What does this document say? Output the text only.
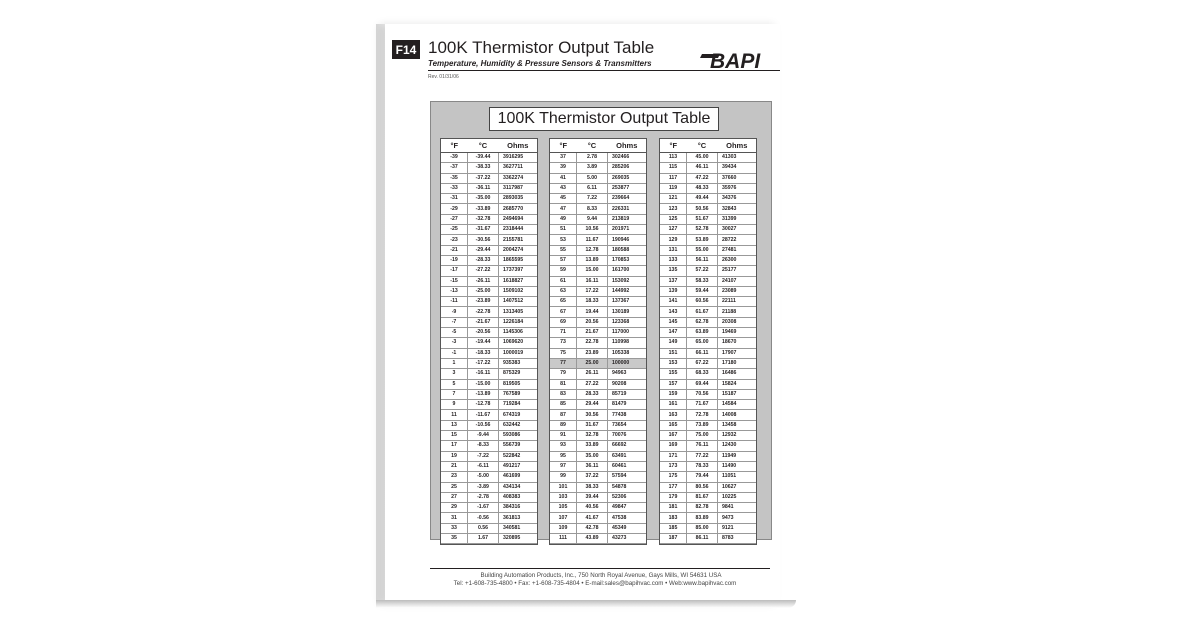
F14 100K Thermistor Output Table
Temperature, Humidity & Pressure Sensors & Transmitters
Rev. 01/31/06
BAPI
100K Thermistor Output Table
°F	°C	Ohms
-39	-39.44	3916295
-37	-38.33	3627711
-35	-37.22	3362274
-33	-36.11	3117987
-31	-35.00	2893035
-29	-33.89	2685770
-27	-32.78	2494694
-25	-31.67	2318444
-23	-30.56	2155781
-21	-29.44	2004274
-19	-28.33	1865595
-17	-27.22	1737397
-15	-26.11	1618827
-13	-25.00	1509102
-11	-23.89	1407512
-9	-22.78	1313405
-7	-21.67	1226184
-5	-20.56	1145306
-3	-19.44	1069620
-1	-18.33	1000019
1	-17.22	935383
3	-16.11	875329
5	-15.00	819505
7	-13.89	767589
9	-12.78	719284
11	-11.67	674319
13	-10.56	632442
15	-9.44	593086
17	-8.33	556739
19	-7.22	522842
21	-6.11	491217
23	-5.00	461699
25	-3.89	434134
27	-2.78	408383
29	-1.67	384316
31	-0.56	361813
33	0.56	340581
35	1.67	320895
°F	°C	Ohms
37	2.78	302466
39	3.89	285206
41	5.00	269035
43	6.11	253877
45	7.22	239664
47	8.33	226331
49	9.44	213819
51	10.56	201971
53	11.67	190946
55	12.78	180588
57	13.89	170853
59	15.00	161700
61	16.11	153092
63	17.22	144992
65	18.33	137367
67	19.44	130189
69	20.56	123368
71	21.67	117000
73	22.78	110998
75	23.89	105338
77	25.00	100000
79	26.11	94963
81	27.22	90208
83	28.33	85719
85	29.44	81479
87	30.56	77438
89	31.67	73654
91	32.78	70076
93	33.89	66692
95	35.00	63491
97	36.11	60461
99	37.22	57594
101	38.33	54878
103	39.44	52306
105	40.56	49847
107	41.67	47538
109	42.78	45349
111	43.89	43273
°F	°C	Ohms
113	45.00	41303
115	46.11	39434
117	47.22	37660
119	48.33	35976
121	49.44	34376
123	50.56	32843
125	51.67	31399
127	52.78	30027
129	53.89	28722
131	55.00	27481
133	56.11	26300
135	57.22	25177
137	58.33	24107
139	59.44	23089
141	60.56	22111
143	61.67	21188
145	62.78	20308
147	63.89	19469
149	65.00	18670
151	66.11	17907
153	67.22	17180
155	68.33	16486
157	69.44	15824
159	70.56	15187
161	71.67	14584
163	72.78	14008
165	73.89	13458
167	75.00	12932
169	76.11	12430
171	77.22	11949
173	78.33	11490
175	79.44	11051
177	80.56	10627
179	81.67	10225
181	82.78	9841
183	83.89	9473
185	85.00	9121
187	86.11	8783
Building Automation Products, Inc., 750 North Royal Avenue, Gays Mills, WI 54631 USA
Tel: +1-608-735-4800 • Fax: +1-608-735-4804 • E-mail:sales@bapihvac.com • Web:www.bapihvac.com
